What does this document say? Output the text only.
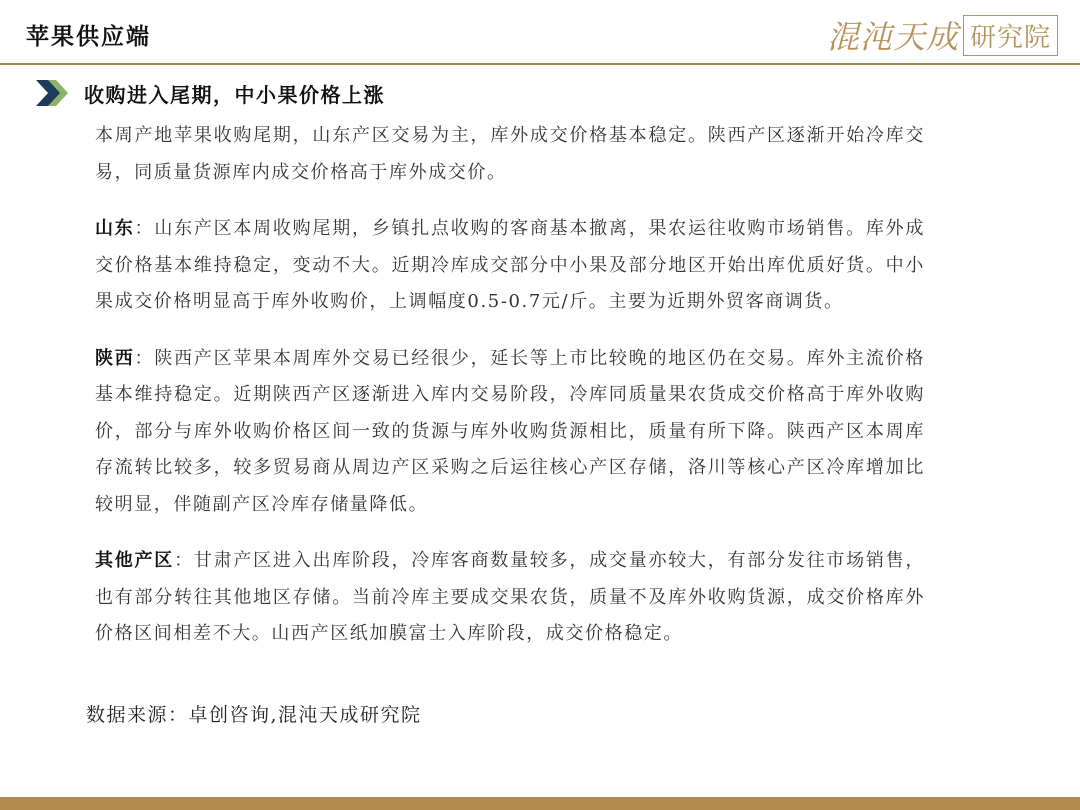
苹果供应端	混沌天成 研究院
收购进入尾期，中小果价格上涨

本周产地苹果收购尾期，山东产区交易为主，库外成交价格基本稳定。陕西产区逐渐开始冷库交易，同质量货源库内成交价格高于库外成交价。

山东：山东产区本周收购尾期，乡镇扎点收购的客商基本撤离，果农运往收购市场销售。库外成交价格基本维持稳定，变动不大。近期冷库成交部分中小果及部分地区开始出库优质好货。中小果成交价格明显高于库外收购价，上调幅度0.5-0.7元/斤。主要为近期外贸客商调货。

陕西：陕西产区苹果本周库外交易已经很少，延长等上市比较晚的地区仍在交易。库外主流价格基本维持稳定。近期陕西产区逐渐进入库内交易阶段，冷库同质量果农货成交价格高于库外收购价，部分与库外收购价格区间一致的货源与库外收购货源相比，质量有所下降。陕西产区本周库存流转比较多，较多贸易商从周边产区采购之后运往核心产区存储，洛川等核心产区冷库增加比较明显，伴随副产区冷库存储量降低。

其他产区：甘肃产区进入出库阶段，冷库客商数量较多，成交量亦较大，有部分发往市场销售，也有部分转往其他地区存储。当前冷库主要成交果农货，质量不及库外收购货源，成交价格库外价格区间相差不大。山西产区纸加膜富士入库阶段，成交价格稳定。

数据来源：卓创咨询,混沌天成研究院
